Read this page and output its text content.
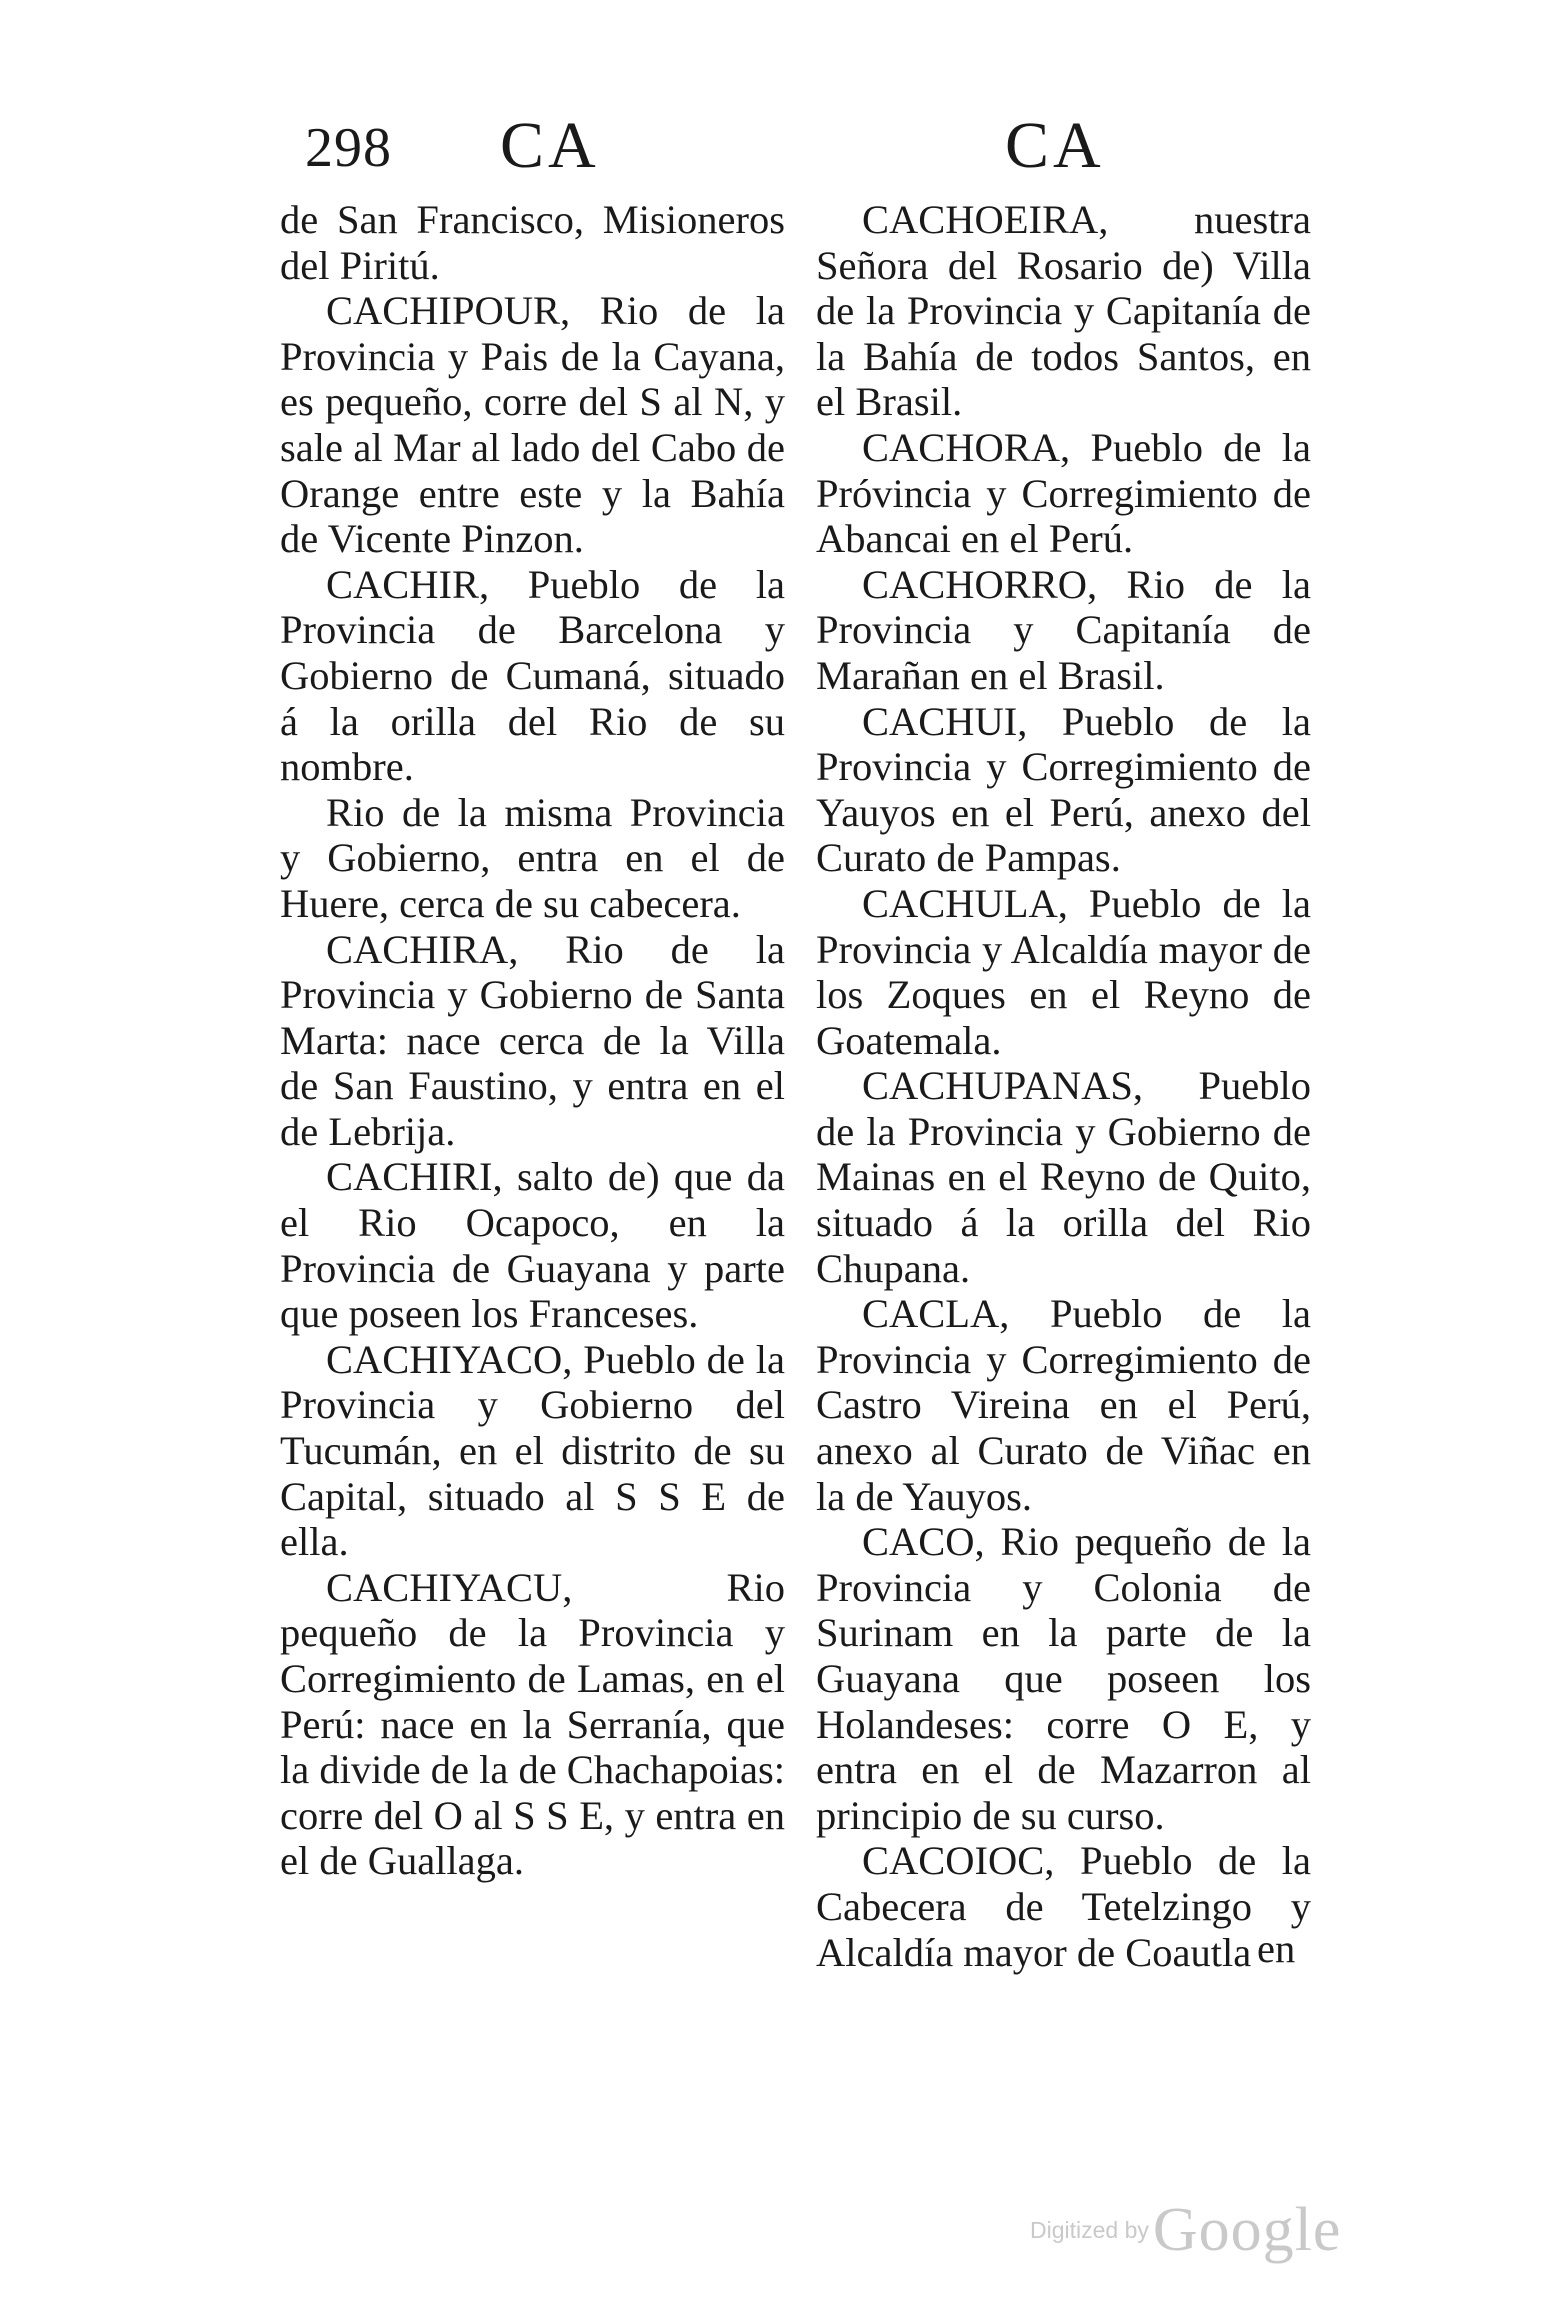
298 CA	CA

de San Francisco, Misioneros del Piritú.

CACHIPOUR, Rio de la Provincia y Pais de la Cayana, es pequeño, corre del S al N, y sale al Mar al lado del Cabo de Orange entre este y la Bahía de Vicente Pinzon.

CACHIR, Pueblo de la Provincia de Barcelona y Gobierno de Cumaná, situado á la orilla del Rio de su nombre.

Rio de la misma Provincia y Gobierno, entra en el de Huere, cerca de su cabecera.

CACHIRA, Rio de la Provincia y Gobierno de Santa Marta: nace cerca de la Villa de San Faustino, y entra en el de Lebrija.

CACHIRI, salto de) que da el Rio Ocapoco, en la Provincia de Guayana y parte que poseen los Franceses.

CACHIYACO, Pueblo de la Provincia y Gobierno del Tucumán, en el distrito de su Capital, situado al S S E de ella.

CACHIYACU, Rio pequeño de la Provincia y Corregimiento de Lamas, en el Perú: nace en la Serranía, que la divide de la de Chachapoias: corre del O al S S E, y entra en el de Guallaga.

CACHOEIRA, nuestra Señora del Rosario de) Villa de la Provincia y Capitanía de la Bahía de todos Santos, en el Brasil.

CACHORA, Pueblo de la Próvincia y Corregimiento de Abancai en el Perú.

CACHORRO, Rio de la Provincia y Capitanía de Marañan en el Brasil.

CACHUI, Pueblo de la Provincia y Corregimiento de Yauyos en el Perú, anexo del Curato de Pampas.

CACHULA, Pueblo de la Provincia y Alcaldía mayor de los Zoques en el Reyno de Goatemala.

CACHUPANAS, Pueblo de la Provincia y Gobierno de Mainas en el Reyno de Quito, situado á la orilla del Rio Chupana.

CACLA, Pueblo de la Provincia y Corregimiento de Castro Vireina en el Perú, anexo al Curato de Viñac en la de Yauyos.

CACO, Rio pequeño de la Provincia y Colonia de Surinam en la parte de la Guayana que poseen los Holandeses: corre O E, y entra en el de Mazarron al principio de su curso.

CACOIOC, Pueblo de la Cabecera de Tetelzingo y Alcaldía mayor de Coautla en
Digitized by Google
